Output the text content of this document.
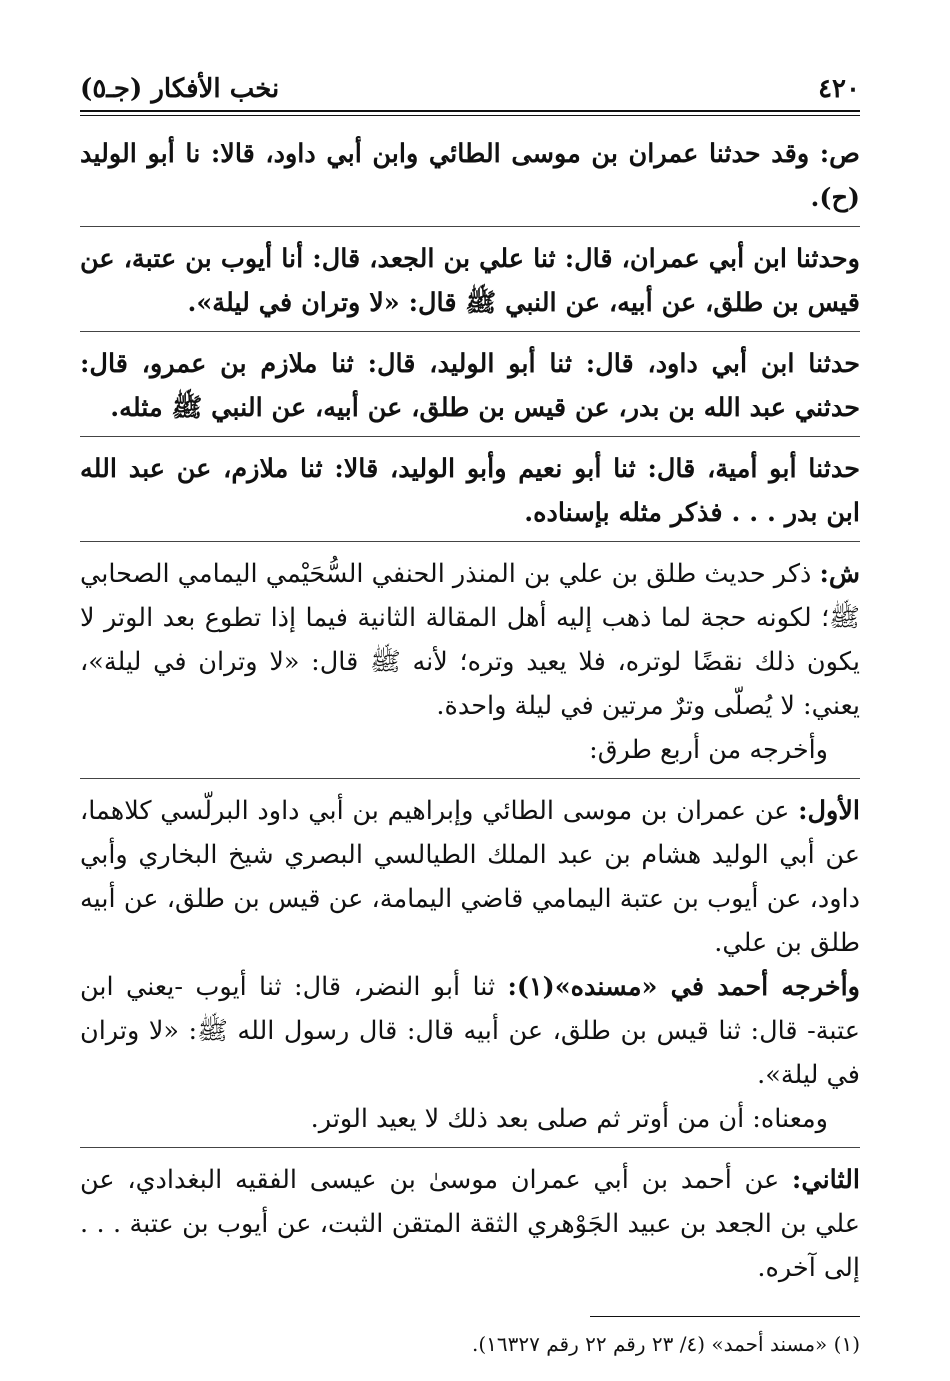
٤٢٠
نخب الأفكار (جـ٥)

ص: وقد حدثنا عمران بن موسى الطائي وابن أبي داود، قالا: نا أبو الوليد (ح).

وحدثنا ابن أبي عمران، قال: ثنا علي بن الجعد، قال: أنا أيوب بن عتبة، عن قيس بن طلق، عن أبيه، عن النبي ﷺ قال: «لا وتران في ليلة».

حدثنا ابن أبي داود، قال: ثنا أبو الوليد، قال: ثنا ملازم بن عمرو، قال: حدثني عبد الله بن بدر، عن قيس بن طلق، عن أبيه، عن النبي ﷺ مثله.

حدثنا أبو أمية، قال: ثنا أبو نعيم وأبو الوليد، قالا: ثنا ملازم، عن عبد الله ابن بدر . . . فذكر مثله بإسناده.

ش: ذكر حديث طلق بن علي بن المنذر الحنفي السُّحَيْمي اليمامي الصحابي ﷺ؛ لكونه حجة لما ذهب إليه أهل المقالة الثانية فيما إذا تطوع بعد الوتر لا يكون ذلك نقضًا لوتره، فلا يعيد وتره؛ لأنه ﷺ قال: «لا وتران في ليلة»، يعني: لا يُصلّى وترٌ مرتين في ليلة واحدة.

وأخرجه من أربع طرق:

الأول: عن عمران بن موسى الطائي وإبراهيم بن أبي داود البرلّسي كلاهما، عن أبي الوليد هشام بن عبد الملك الطيالسي البصري شيخ البخاري وأبي داود، عن أيوب بن عتبة اليمامي قاضي اليمامة، عن قيس بن طلق، عن أبيه طلق بن علي.

وأخرجه أحمد في «مسنده»(١): ثنا أبو النضر، قال: ثنا أيوب -يعني ابن عتبة- قال: ثنا قيس بن طلق، عن أبيه قال: قال رسول الله ﷺ: «لا وتران في ليلة».

ومعناه: أن من أوتر ثم صلى بعد ذلك لا يعيد الوتر.

الثاني: عن أحمد بن أبي عمران موسىٰ بن عيسى الفقيه البغدادي، عن علي بن الجعد بن عبيد الجَوْهري الثقة المتقن الثبت، عن أيوب بن عتبة . . . إلى آخره.

(١) «مسند أحمد» (٤/ ٢٣ رقم ٢٢ رقم ١٦٣٢٧).
